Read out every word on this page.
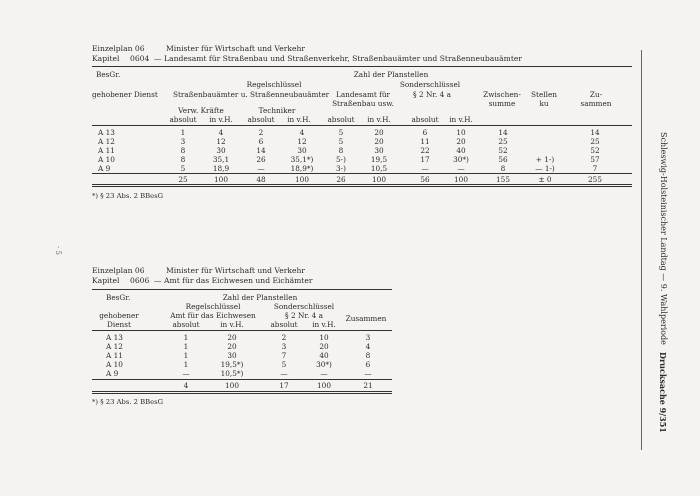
Einzelplan 06	Minister für Wirtschaft und Verkehr
Kapitel 0604 — Landesamt für Straßenbau und Straßenverkehr, Straßenbauämter und Straßenneubauämter
BesGr.	Zahl der Planstellen
Regelschlüssel	Sonderschlüssel
gehobener Dienst Straßenbauämter u. Straßenneubauämter Landesamt für
Straßenbau usw.
§ 2 Nr. 4 a	Zwischen-
summe
Stellen
ku
Zu-
sammen
Verw. Kräfte	Techniker
absolut	in v.H.	absolut	in v.H.	absolut	in v.H.	absolut	in v.H.
A 13	1	4	2	4	5	20	6	10	14	14
A 12	3	12	6	12	5	20	11	20	25	25
A 11	8	30	14	30	8	30	22	40	52	52
A 10	8	35,1	26	35,1*)	5-)	19,5	17	30*)	56	+ 1-)	57
A 9	5	18,9	—	18,9*)	3-)	10,5	—	—	8	— 1-)	7
25	100	48	100	26	100	56	100	155	± 0	255
*) § 23 Abs. 2 BBesG
Einzelplan 06	Minister für Wirtschaft und Verkehr
Kapitel 0606 — Amt für das Eichwesen und Eichämter
BesGr.	Zahl der Planstellen
Regelschlüssel	Sonderschlüssel
Amt für das Eichwesen	§ 2 Nr. 4 a
gehobener
Dienst
Zusammen
absolut	in v.H.	absolut	in v.H.
A 13	1	20	2	10	3
A 12	1	20	3	20	4
A 11	1	30	7	40	8
A 10	1	19,5*)	5	30*)	6
A 9	—	10,5*)	—	—	—
4	100	17	100	21
*) § 23 Abs. 2 BBesG
Schleswig-Holsteinischer Landtag — 9. Wahlperiode
Drucksache 9/351
· 5
